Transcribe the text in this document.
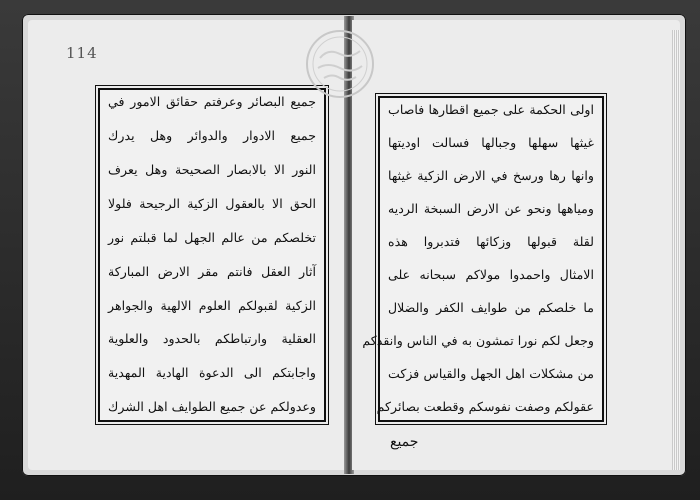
114
جميع البصائر وعرفتم حقائق الامور في
جميع الادوار والدوائر وهل يدرك
النور الا بالابصار الصحيحة وهل يعرف
الحق الا بالعقول الزكية الرجيحة فلولا
تخلصكم من عالم الجهل لما قبلتم نور
آثار العقل فانتم مقر الارض المباركة
الزكية لقبولكم العلوم الالهية والجواهر
العقلية وارتباطكم بالحدود والعلوية
واجابتكم الى الدعوة الهادية المهدية
وعدولكم عن جميع الطوايف اهل الشرك
اولى الحكمة على جميع اقطارها فاصاب
غيثها سهلها وجبالها فسالت اوديتها
وانها رها ورسخ في الارض الزكية غيثها
ومياهها ونحو عن الارض السبخة الرديه
لقلة قبولها وزكائها فتدبروا هذه
الامثال واحمدوا مولاكم سبحانه على
ما خلصكم من طوايف الكفر والضلال
وجعل لكم نورا تمشون به في الناس وانقذكم
من مشكلات اهل الجهل والقياس فزكت
عقولكم وصفت نفوسكم وقطعت بصائركم
جميع
